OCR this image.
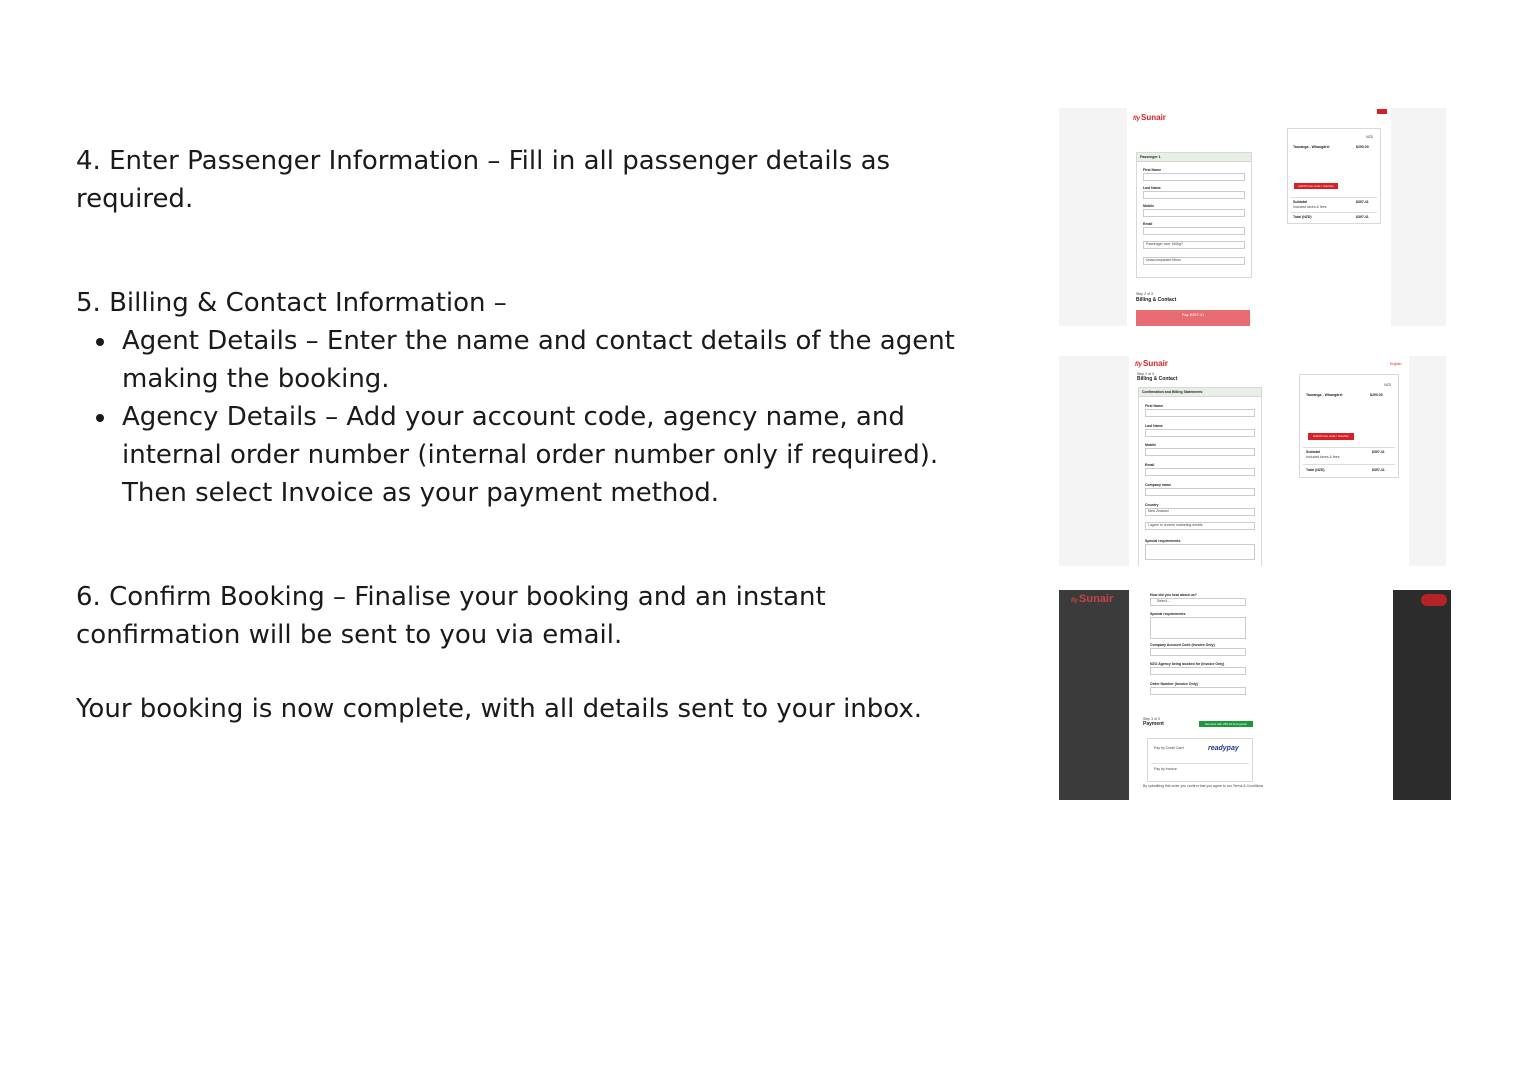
4. Enter Passenger Information – Fill in all passenger details as required.

5. Billing & Contact Information –

Agent Details – Enter the name and contact details of the agent making the booking.
Agency Details – Add your account code, agency name, and internal order number (internal order number only if required). Then select Invoice as your payment method.

6. Confirm Booking – Finalise your booking and an instant confirmation will be sent to you via email.

Your booking is now complete, with all details sent to your inbox.

flySunair
Passenger 1
First Name
Last Name
Mobile
Email
Passenger over 150kg?
Unaccompanied Minor
NZD
Tauranga - Whangārei	$290.00
Add Promo code / Voucher
Subtotal	$397.41
Included taxes & fees
Total (NZD)	$397.41
Step 2 of 3
Billing & Contact
Pay $397.41
flySunair	English
Step 2 of 3
Billing & Contact
Confirmation and Billing Statements
First Name
Last Name
Mobile
Email
Company name
Country
New Zealand
I agree to receive marketing emails
Special requirements
NZD
Tauranga - Whangārei	$290.00
Add Promo code / Voucher
Subtotal	$397.41
Included taxes & fees
Total (NZD)	$397.41
flySunair	How did you hear about us?
Select...
Special requirements
Company Account Code (Invoice Only)
NZO Agency being booked for (Invoice Only)
Order Number (Invoice Only)
Step 3 of 3
Payment	Secured with 256-bit Encryption
Pay by Credit Card	readypay
Pay by Invoice
By submitting this order you confirm that you agree to our Terms & Conditions
